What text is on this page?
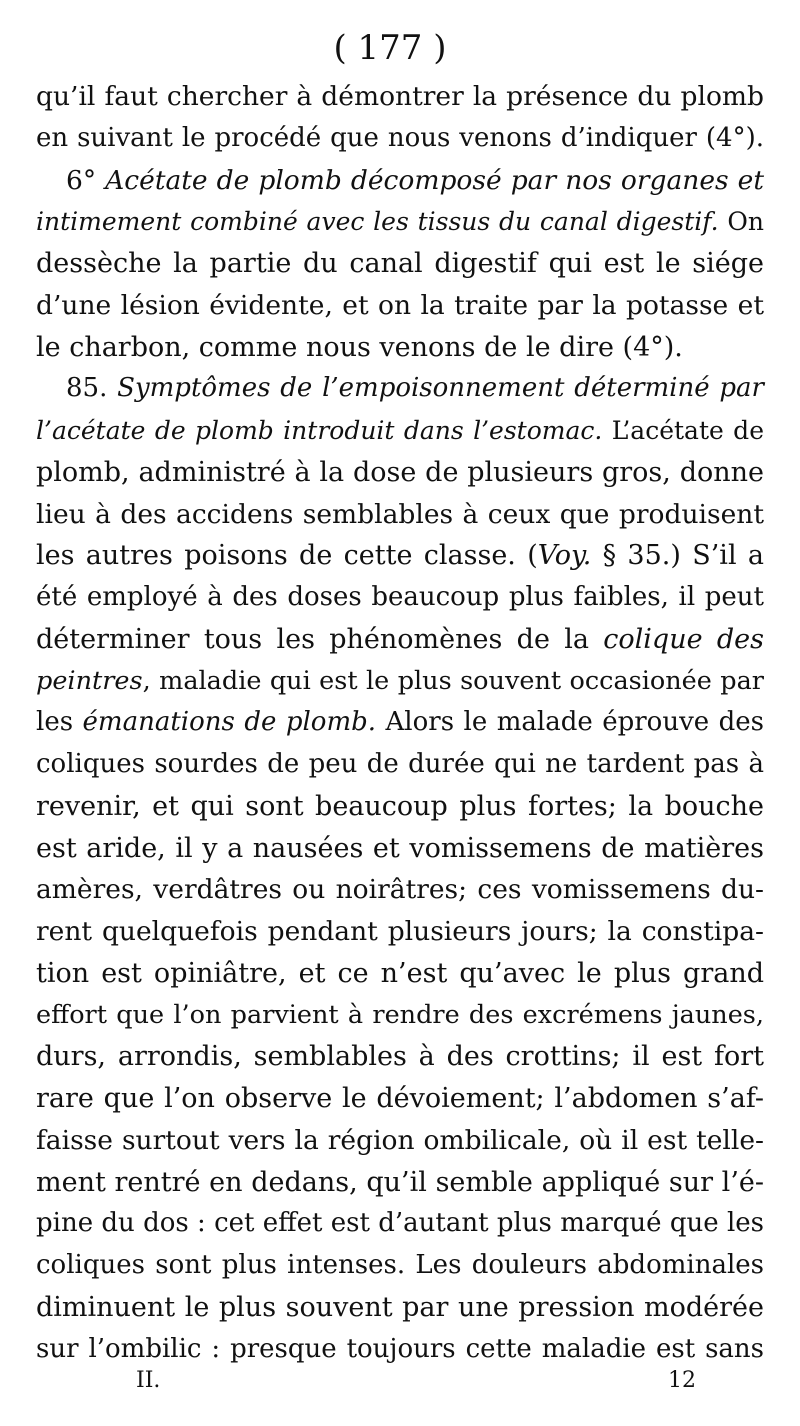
( 177 )
qu’il faut chercher à démontrer la présence du plomb
en suivant le procédé que nous venons d’indiquer (4°).
6° Acétate de plomb décomposé par nos organes et
intimement combiné avec les tissus du canal digestif. On
dessèche la partie du canal digestif qui est le siége
d’une lésion évidente, et on la traite par la potasse et
le charbon, comme nous venons de le dire (4°).
85. Symptômes de l’empoisonnement déterminé par
l’acétate de plomb introduit dans l’estomac. L’acétate de
plomb, administré à la dose de plusieurs gros, donne
lieu à des accidens semblables à ceux que produisent
les autres poisons de cette classe. (Voy. § 35.) S’il a
été employé à des doses beaucoup plus faibles, il peut
déterminer tous les phénomènes de la colique des
peintres, maladie qui est le plus souvent occasionée par
les émanations de plomb. Alors le malade éprouve des
coliques sourdes de peu de durée qui ne tardent pas à
revenir, et qui sont beaucoup plus fortes; la bouche
est aride, il y a nausées et vomissemens de matières
amères, verdâtres ou noirâtres; ces vomissemens du-
rent quelquefois pendant plusieurs jours; la constipa-
tion est opiniâtre, et ce n’est qu’avec le plus grand
effort que l’on parvient à rendre des excrémens jaunes,
durs, arrondis, semblables à des crottins; il est fort
rare que l’on observe le dévoiement; l’abdomen s’af-
faisse surtout vers la région ombilicale, où il est telle-
ment rentré en dedans, qu’il semble appliqué sur l’é-
pine du dos : cet effet est d’autant plus marqué que les
coliques sont plus intenses. Les douleurs abdominales
diminuent le plus souvent par une pression modérée
sur l’ombilic : presque toujours cette maladie est sans
II.	12
